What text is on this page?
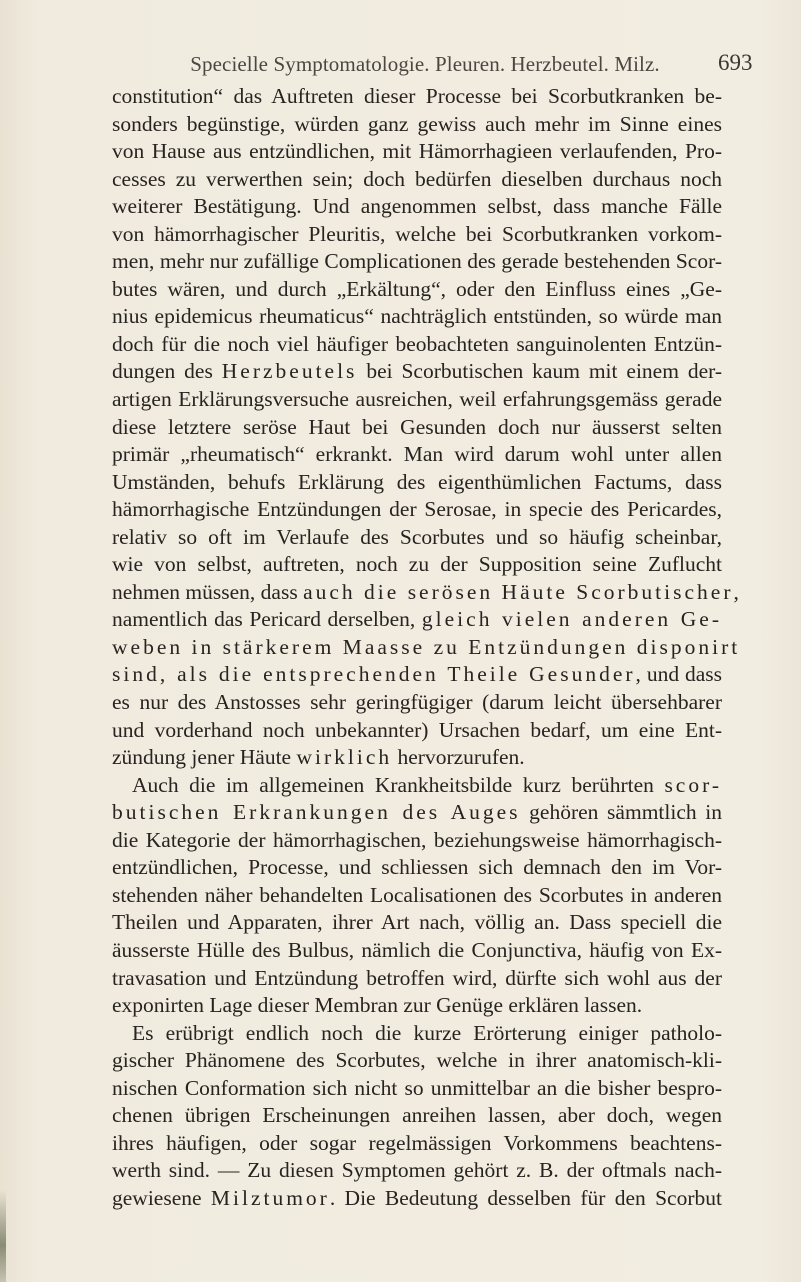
Specielle Symptomatologie. Pleuren. Herzbeutel. Milz.	693
constitution“ das Auftreten dieser Processe bei Scorbutkranken be-
sonders begünstige, würden ganz gewiss auch mehr im Sinne eines
von Hause aus entzündlichen, mit Hämorrhagieen verlaufenden, Pro-
cesses zu verwerthen sein; doch bedürfen dieselben durchaus noch
weiterer Bestätigung. Und angenommen selbst, dass manche Fälle
von hämorrhagischer Pleuritis, welche bei Scorbutkranken vorkom-
men, mehr nur zufällige Complicationen des gerade bestehenden Scor-
butes wären, und durch „Erkältung“, oder den Einfluss eines „Ge-
nius epidemicus rheumaticus“ nachträglich entstünden, so würde man
doch für die noch viel häufiger beobachteten sanguinolenten Entzün-
dungen des Herzbeutels bei Scorbutischen kaum mit einem der-
artigen Erklärungsversuche ausreichen, weil erfahrungsgemäss gerade
diese letztere seröse Haut bei Gesunden doch nur äusserst selten
primär „rheumatisch“ erkrankt. Man wird darum wohl unter allen
Umständen, behufs Erklärung des eigenthümlichen Factums, dass
hämorrhagische Entzündungen der Serosae, in specie des Pericardes,
relativ so oft im Verlaufe des Scorbutes und so häufig scheinbar,
wie von selbst, auftreten, noch zu der Supposition seine Zuflucht
nehmen müssen, dass auch die serösen Häute Scorbutischer,
namentlich das Pericard derselben, gleich vielen anderen Ge-
weben in stärkerem Maasse zu Entzündungen disponirt
sind, als die entsprechenden Theile Gesunder, und dass
es nur des Anstosses sehr geringfügiger (darum leicht übersehbarer
und vorderhand noch unbekannter) Ursachen bedarf, um eine Ent-
zündung jener Häute wirklich hervorzurufen.
Auch die im allgemeinen Krankheitsbilde kurz berührten scor-
butischen Erkrankungen des Auges gehören sämmtlich in
die Kategorie der hämorrhagischen, beziehungsweise hämorrhagisch-
entzündlichen, Processe, und schliessen sich demnach den im Vor-
stehenden näher behandelten Localisationen des Scorbutes in anderen
Theilen und Apparaten, ihrer Art nach, völlig an. Dass speciell die
äusserste Hülle des Bulbus, nämlich die Conjunctiva, häufig von Ex-
travasation und Entzündung betroffen wird, dürfte sich wohl aus der
exponirten Lage dieser Membran zur Genüge erklären lassen.
Es erübrigt endlich noch die kurze Erörterung einiger patholo-
gischer Phänomene des Scorbutes, welche in ihrer anatomisch-kli-
nischen Conformation sich nicht so unmittelbar an die bisher bespro-
chenen übrigen Erscheinungen anreihen lassen, aber doch, wegen
ihres häufigen, oder sogar regelmässigen Vorkommens beachtens-
werth sind. — Zu diesen Symptomen gehört z. B. der oftmals nach-
gewiesene Milztumor. Die Bedeutung desselben für den Scorbut
